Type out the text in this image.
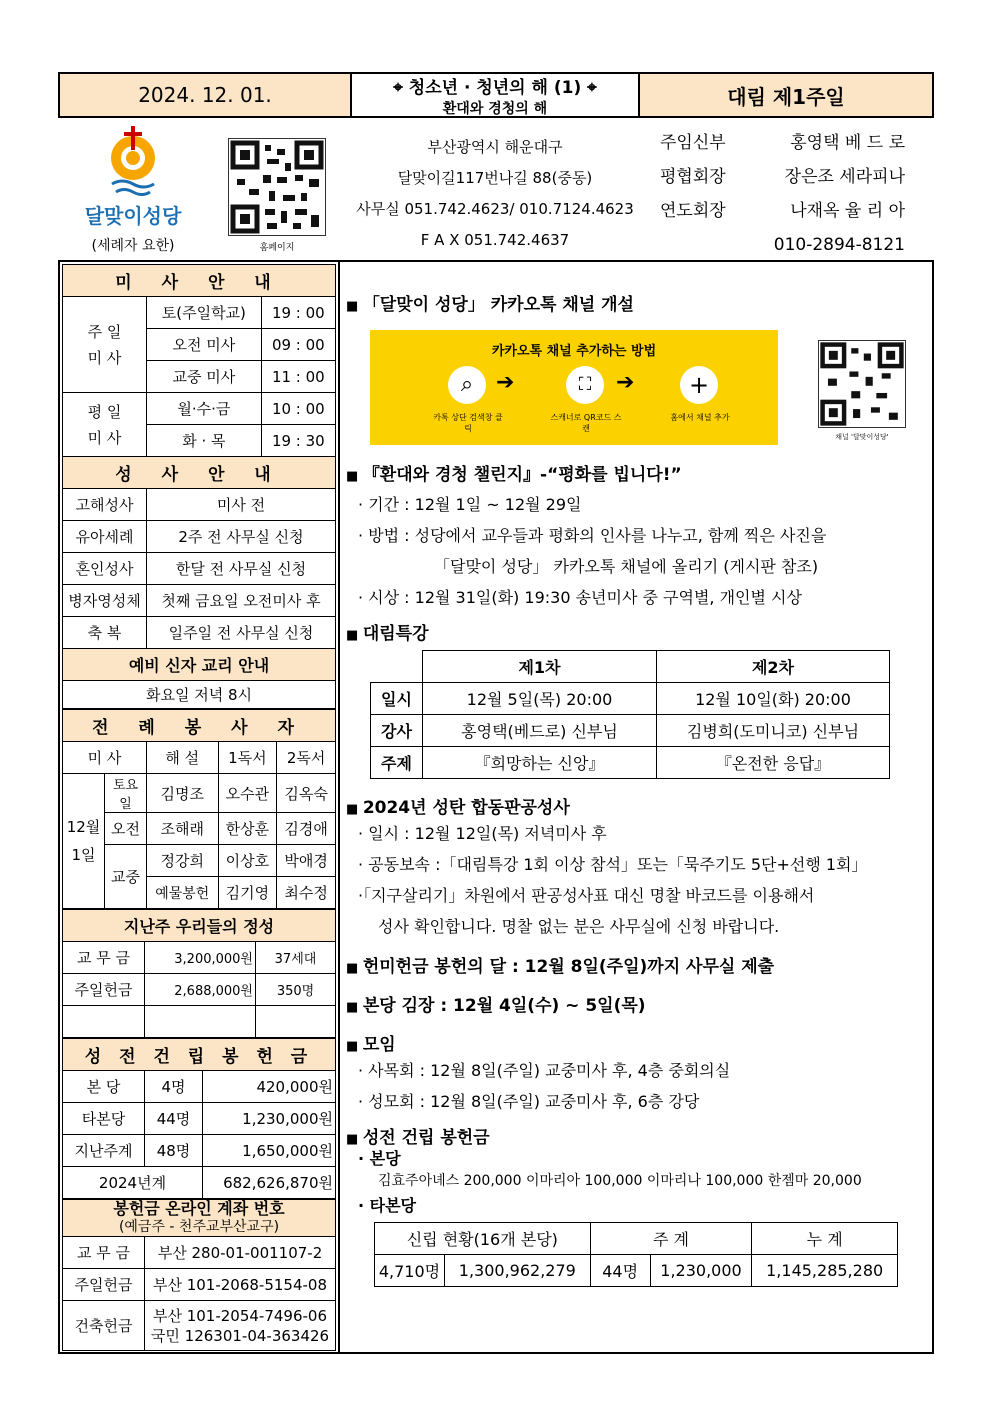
2024. 12. 01.	⌖ 청소년 · 청년의 해 (1) ⌖
환대와 경청의 해	대림 제1주일
달맞이성당
(세례자 요한)	홈페이지
부산광역시 해운대구
달맞이길117번나길 88(중동)
사무실 051.742.4623/ 010.7124.4623
F A X 051.742.4637
주임신부	홍영택 베 드 로
평협회장	장은조 세라피나
연도회장	나재옥 율 리 아
010-2894-8121
미 사 안 내		

주 일 미 사	토(주일학교)	19 : 00
	오전 미사	09 : 00
	교중 미사	11 : 00

평 일 미 사	월·수·금	10 : 00
	화 · 목	19 : 30
성 사 안 내		
고해성사	미사 전	
유아세례	2주 전 사무실 신청	
혼인성사	한달 전 사무실 신청	
병자영성체	첫째 금요일 오전미사 후	
축 복	일주일 전 사무실 신청	
예비 신자 교리 안내		
화요일 저녁 8시		
전 례 봉 사 자				
미 사		해 설	1독서	2독서

12월 1일	토요일	김명조	오수관	김옥숙
	오전	조해래	한상훈	김경애
	교중	정강희	이상호	박애경
		예물봉헌	김기영	최수정
지난주 우리들의 정성		
교 무 금	3,200,000원	37세대
주일헌금	2,688,000원	350명

성 전 건 립 봉 헌 금		
본 당	4명	420,000원
타본당	44명	1,230,000원
지난주계	48명	1,650,000원
2024년계		682,626,870원
봉헌금 온라인 계좌 번호
(예금주 - 천주교부산교구)	

교 무 금	부산 280-01-001107-2
주일헌금	부산 101-2068-5154-08
건축헌금	부산 101-2054-7496-06
국민 126301-04-363426
■ 「달맞이 성당」 카카오톡 채널 개설
카카오톡 채널 추가하는 방법
⌕	➔	⛶	➔	+
카톡 상단 검색창 클릭
스캐너로 QR코드 스캔
홈에서 채널 추가
채널 '달맞이성당'
■ 『환대와 경청 챌린지』-“평화를 빕니다!”
· 기간 : 12월 1일 ~ 12월 29일
· 방법 : 성당에서 교우들과 평화의 인사를 나누고, 함께 찍은 사진을
「달맞이 성당」 카카오톡 채널에 올리기 (게시판 참조)
· 시상 : 12월 31일(화) 19:30 송년미사 중 구역별, 개인별 시상
■ 대림특강
	제1차	제2차
일시	12월 5일(목) 20:00	12월 10일(화) 20:00
강사	홍영택(베드로) 신부님	김병희(도미니코) 신부님
주제	『희망하는 신앙』	『온전한 응답』
■ 2024년 성탄 합동판공성사
· 일시 : 12월 12일(목) 저녁미사 후
· 공동보속 :「대림특강 1회 이상 참석」또는「묵주기도 5단+선행 1회」
·「지구살리기」차원에서 판공성사표 대신 명찰 바코드를 이용해서
성사 확인합니다. 명찰 없는 분은 사무실에 신청 바랍니다.
■ 헌미헌금 봉헌의 달 : 12월 8일(주일)까지 사무실 제출
■ 본당 김장 : 12월 4일(수) ~ 5일(목)
■ 모임
· 사목회 : 12월 8일(주일) 교중미사 후, 4층 중회의실
· 성모회 : 12월 8일(주일) 교중미사 후, 6층 강당
■ 성전 건립 봉헌금
· 본당
김효주아녜스 200,000 이마리아 100,000 이마리나 100,000 한젬마 20,000
· 타본당
신립 현황(16개 본당)		주 계		누 계
4,710명	1,300,962,279	44명	1,230,000	1,145,285,280
